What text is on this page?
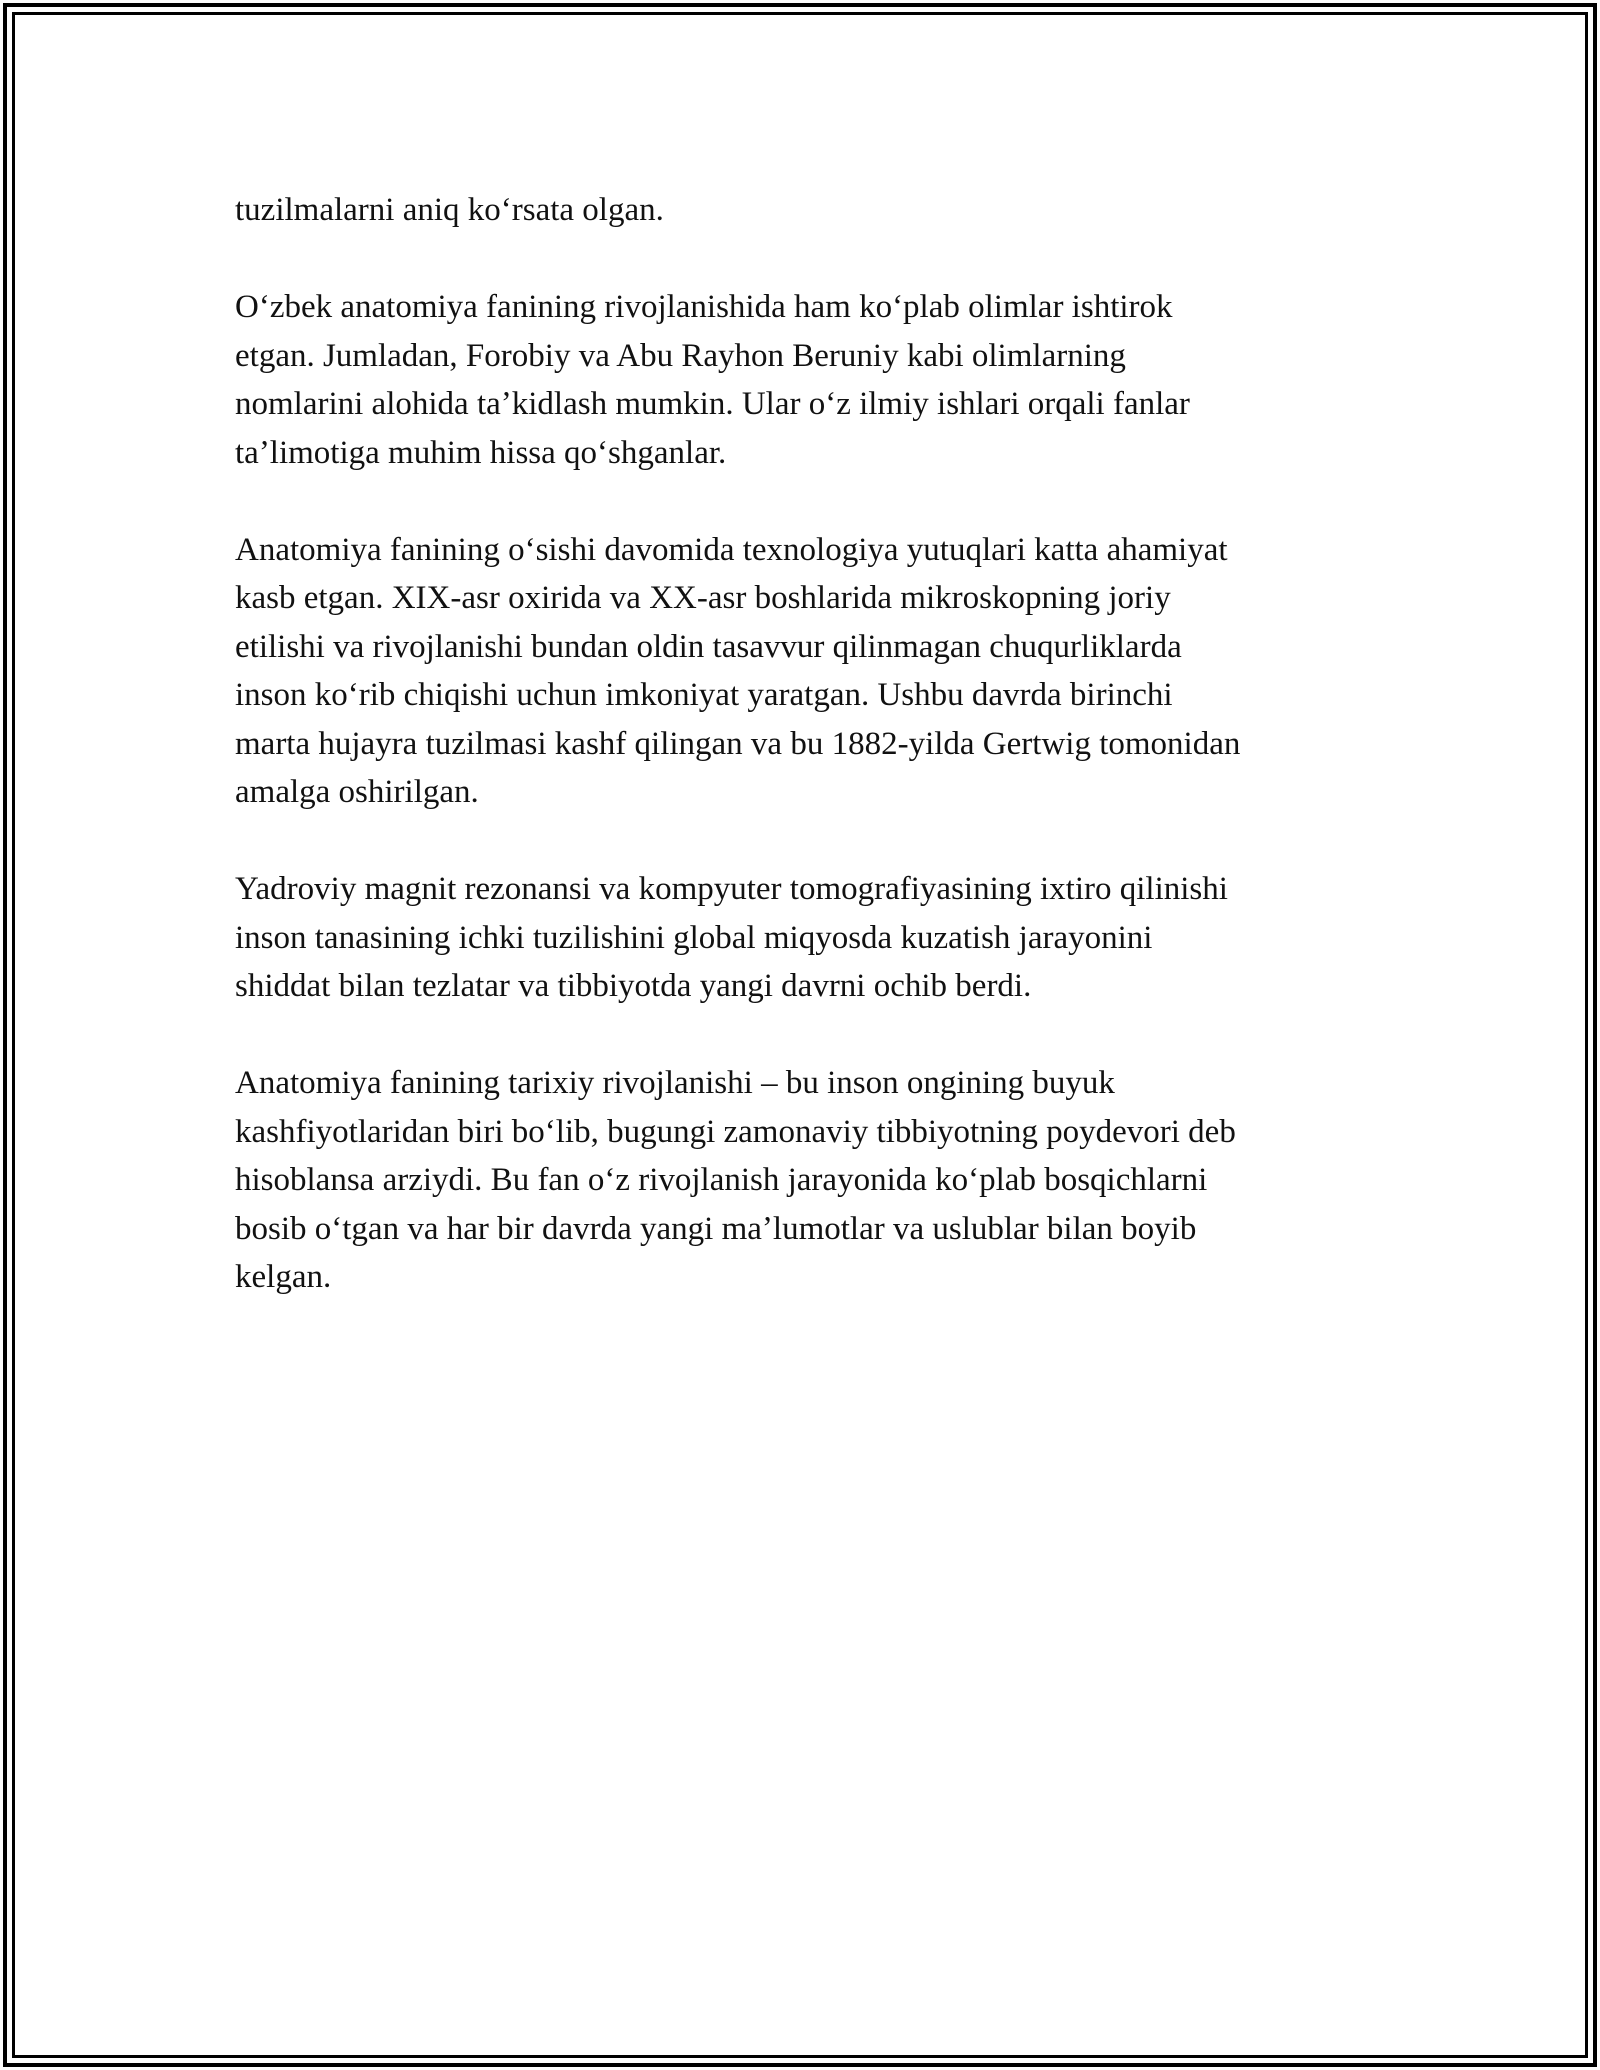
tuzilmalarni aniq koʻrsata olgan.

Oʻzbek anatomiya fanining rivojlanishida ham koʻplab olimlar ishtirok
etgan. Jumladan, Forobiy va Abu Rayhon Beruniy kabi olimlarning
nomlarini alohida taʼkidlash mumkin. Ular oʻz ilmiy ishlari orqali fanlar
taʼlimotiga muhim hissa qoʻshganlar.

Anatomiya fanining oʻsishi davomida texnologiya yutuqlari katta ahamiyat
kasb etgan. XIX-asr oxirida va XX-asr boshlarida mikroskopning joriy
etilishi va rivojlanishi bundan oldin tasavvur qilinmagan chuqurliklarda
inson koʻrib chiqishi uchun imkoniyat yaratgan. Ushbu davrda birinchi
marta hujayra tuzilmasi kashf qilingan va bu 1882-yilda Gertwig tomonidan
amalga oshirilgan.

Yadroviy magnit rezonansi va kompyuter tomografiyasining ixtiro qilinishi
inson tanasining ichki tuzilishini global miqyosda kuzatish jarayonini
shiddat bilan tezlatar va tibbiyotda yangi davrni ochib berdi.

Anatomiya fanining tarixiy rivojlanishi – bu inson ongining buyuk
kashfiyotlaridan biri boʻlib, bugungi zamonaviy tibbiyotning poydevori deb
hisoblansa arziydi. Bu fan oʻz rivojlanish jarayonida koʻplab bosqichlarni
bosib oʻtgan va har bir davrda yangi maʼlumotlar va uslublar bilan boyib
kelgan.
